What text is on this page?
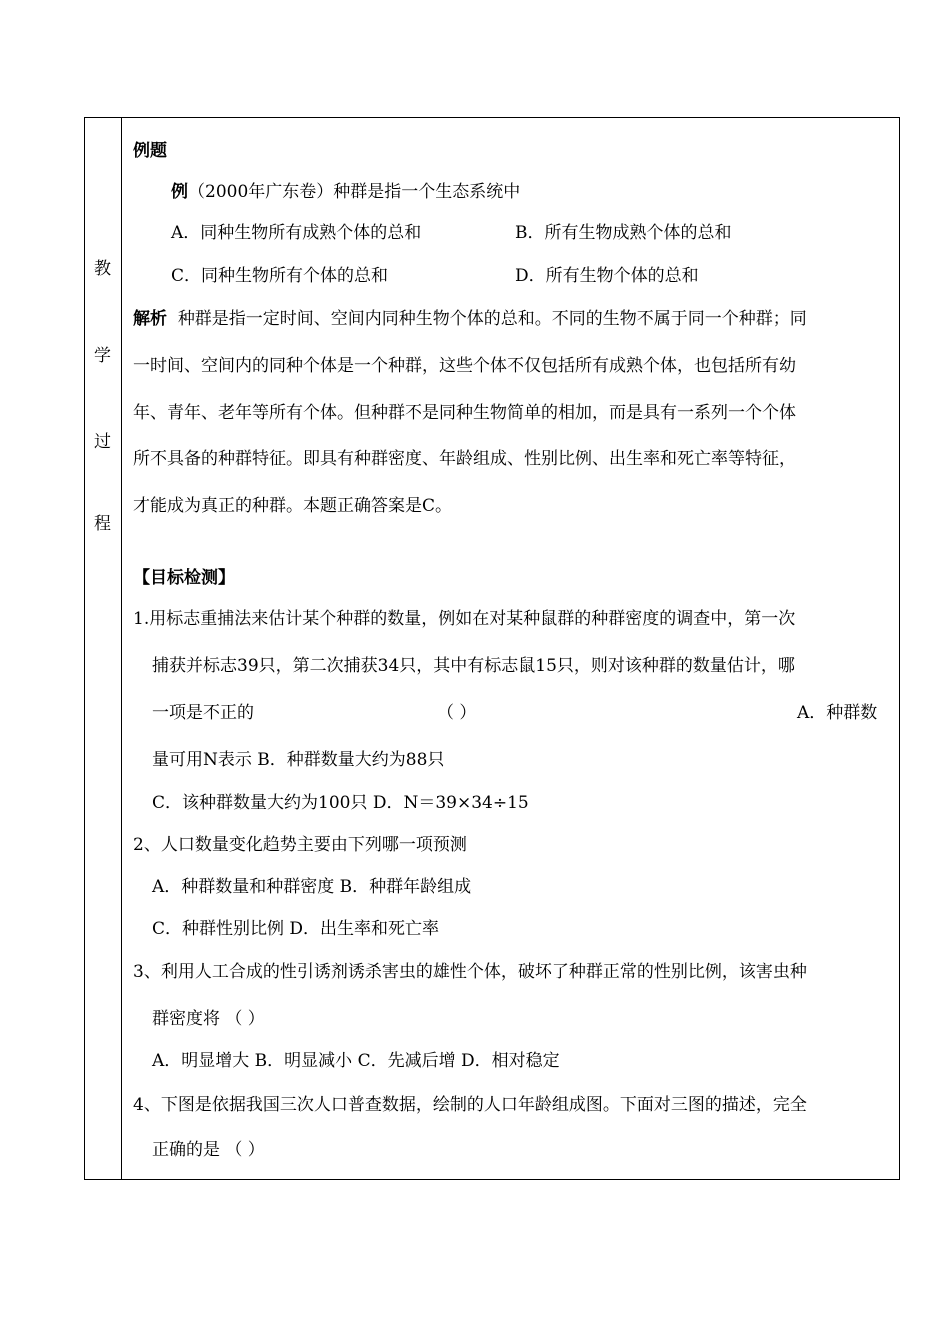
教
学
过
程
例题
例（2000年广东卷）种群是指一个生态系统中
A．同种生物所有成熟个体的总和	B．所有生物成熟个体的总和
C．同种生物所有个体的总和	D．所有生物个体的总和
解析 种群是指一定时间、空间内同种生物个体的总和。不同的生物不属于同一个种群；同
一时间、空间内的同种个体是一个种群，这些个体不仅包括所有成熟个体，也包括所有幼
年、青年、老年等所有个体。但种群不是同种生物简单的相加，而是具有一系列一个个体
所不具备的种群特征。即具有种群密度、年龄组成、性别比例、出生率和死亡率等特征，
才能成为真正的种群。本题正确答案是C。
【目标检测】
1.用标志重捕法来估计某个种群的数量，例如在对某种鼠群的种群密度的调查中，第一次
捕获并标志39只，第二次捕获34只，其中有标志鼠15只，则对该种群的数量估计，哪
一项是不正的	（ ）	A．种群数
量可用N表示 B．种群数量大约为88只
C．该种群数量大约为100只 D．N＝39×34÷15
2、人口数量变化趋势主要由下列哪一项预测
A．种群数量和种群密度 B．种群年龄组成
C．种群性别比例 D．出生率和死亡率
3、利用人工合成的性引诱剂诱杀害虫的雄性个体，破坏了种群正常的性别比例，该害虫种
群密度将 （ ）
A．明显增大 B．明显减小 C．先减后增 D．相对稳定
4、下图是依据我国三次人口普查数据，绘制的人口年龄组成图。下面对三图的描述，完全
正确的是 （ ）
